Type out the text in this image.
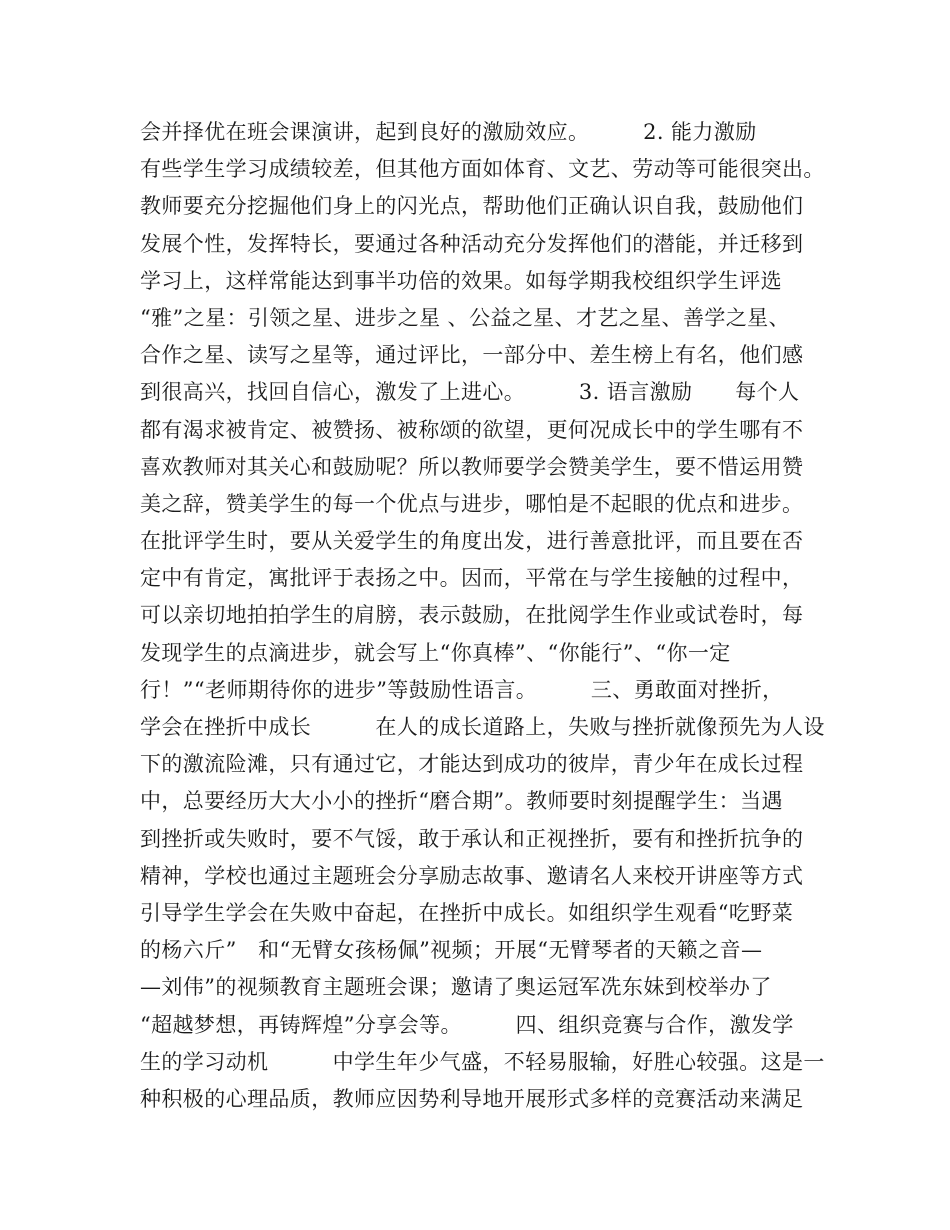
会并择优在班会课演讲，起到良好的激励效应。　　　2. 能力激励
有些学生学习成绩较差，但其他方面如体育、文艺、劳动等可能很突出。
教师要充分挖掘他们身上的闪光点，帮助他们正确认识自我，鼓励他们
发展个性，发挥特长，要通过各种活动充分发挥他们的潜能，并迁移到
学习上，这样常能达到事半功倍的效果。如每学期我校组织学生评选
“雅”之星：引领之星、进步之星 、公益之星、才艺之星、善学之星、
合作之星、读写之星等，通过评比，一部分中、差生榜上有名，他们感
到很高兴，找回自信心，激发了上进心。　　　3. 语言激励　　每个人
都有渴求被肯定、被赞扬、被称颂的欲望，更何况成长中的学生哪有不
喜欢教师对其关心和鼓励呢？所以教师要学会赞美学生，要不惜运用赞
美之辞，赞美学生的每一个优点与进步，哪怕是不起眼的优点和进步。
在批评学生时，要从关爱学生的角度出发，进行善意批评，而且要在否
定中有肯定，寓批评于表扬之中。因而，平常在与学生接触的过程中，
可以亲切地拍拍学生的肩膀，表示鼓励，在批阅学生作业或试卷时，每
发现学生的点滴进步，就会写上“你真棒”、“你能行”、“你一定
行！”“老师期待你的进步”等鼓励性语言。　　　三、勇敢面对挫折，
学会在挫折中成长　　　在人的成长道路上，失败与挫折就像预先为人设
下的激流险滩，只有通过它，才能达到成功的彼岸，青少年在成长过程
中，总要经历大大小小的挫折“磨合期”。教师要时刻提醒学生：当遇
到挫折或失败时，要不气馁，敢于承认和正视挫折，要有和挫折抗争的
精神，学校也通过主题班会分享励志故事、邀请名人来校开讲座等方式
引导学生学会在失败中奋起，在挫折中成长。如组织学生观看“吃野菜
的杨六斤”　和“无臂女孩杨佩”视频；开展“无臂琴者的天籁之音—
—刘伟”的视频教育主题班会课；邀请了奥运冠军冼东妹到校举办了
“超越梦想，再铸辉煌”分享会等。　　　四、组织竞赛与合作，激发学
生的学习动机　　　中学生年少气盛，不轻易服输，好胜心较强。这是一
种积极的心理品质，教师应因势利导地开展形式多样的竞赛活动来满足
